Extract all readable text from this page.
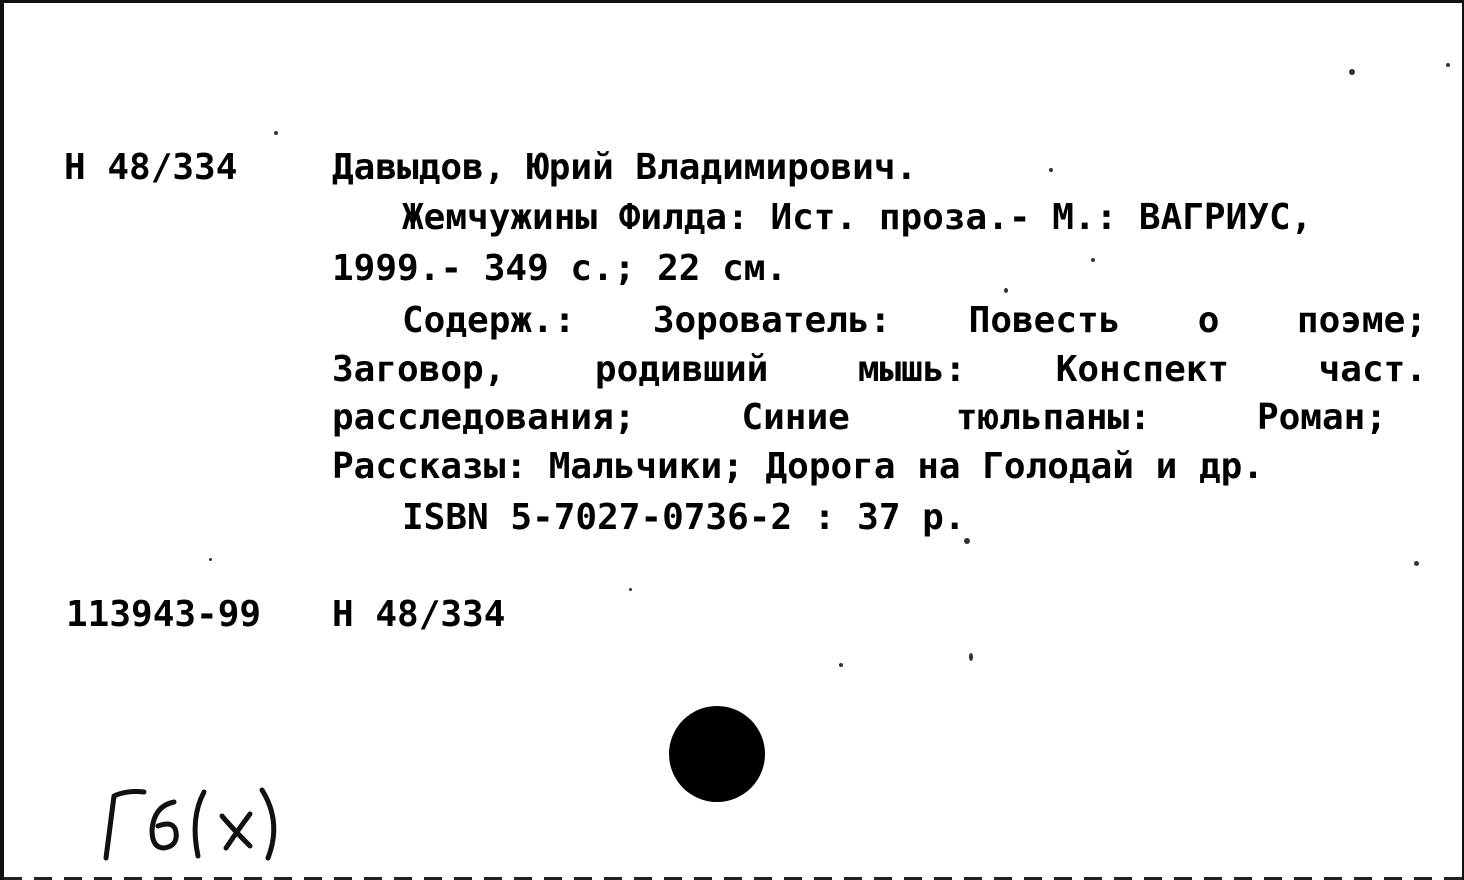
Н 48/334	Давыдов, Юрий Владимирович.
Жемчужины Филда: Ист. проза.- М.: ВАГРИУС,
1999.- 349 с.; 22 см.
Содерж.: Зорователь: Повесть о поэме;
Заговор, родивший мышь: Конспект част.
расследования;	Синие	тюльпаны:	Роман;
Рассказы: Мальчики; Дорога на Голодай и др.
ISBN 5-7027-0736-2 : 37 р.
113943-99 Н 48/334
